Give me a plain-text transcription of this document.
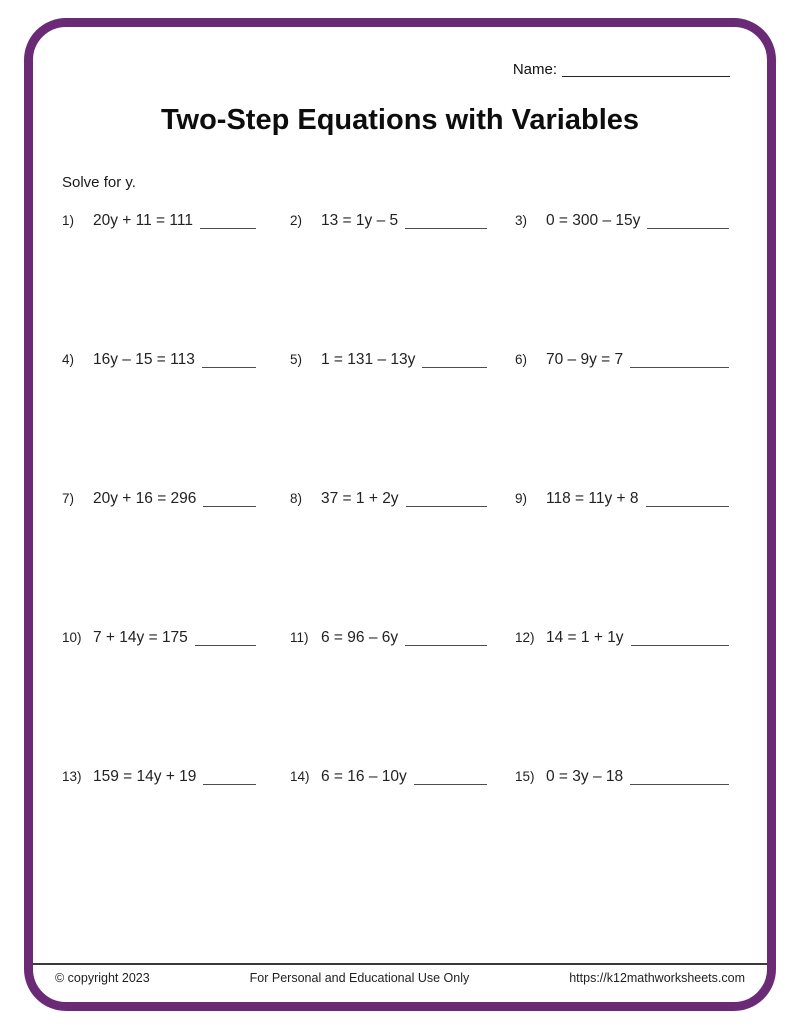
Name:
Two-Step Equations with Variables
Solve for y.
1)	20y + 11 = 111	2)	13 = 1y – 5	3)	0 = 300 – 15y
4)	16y – 15 = 113	5)	1 = 131 – 13y	6)	70 – 9y = 7
7)	20y + 16 = 296	8)	37 = 1 + 2y	9)	118 = 11y + 8
10) 7 + 14y = 175	11) 6 = 96 – 6y	12) 14 = 1 + 1y
13) 159 = 14y + 19	14) 6 = 16 – 10y	15) 0 = 3y – 18
© copyright 2023	For Personal and Educational Use Only	https://k12mathworksheets.com
